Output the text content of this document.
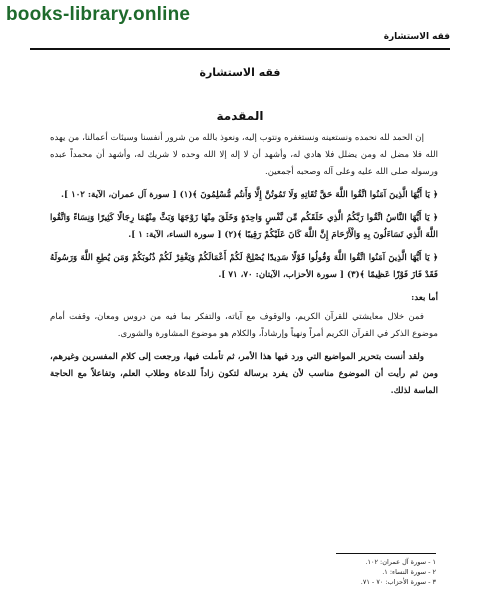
books-library.online
فقه الاستشارة
فقه الاستشارة
المقدمة

إن الحمد لله نحمده ونستعينه ونستغفره ونتوب إليه، ونعوذ بالله من شرور أنفسنا وسيئات أعمالنا، من يهده الله فلا مضل له ومن يضلل فلا هادي له، وأشهد أن لا إله إلا الله وحده لا شريك له، وأشهد أن محمداً عبده ورسوله صلى الله عليه وعلى آله وصحبه أجمعين.

﴿ يَا أَيُّهَا الَّذِينَ آمَنُوا اتَّقُوا اللَّهَ حَقَّ تُقَاتِهِ وَلَا تَمُوتُنَّ إِلَّا وَأَنتُم مُّسْلِمُونَ ﴾(١) [ سورة آل عمران، الآية: ١٠٢ ].

﴿ يَا أَيُّهَا النَّاسُ اتَّقُوا رَبَّكُمُ الَّذِي خَلَقَكُم مِّن نَّفْسٍ وَاحِدَةٍ وَخَلَقَ مِنْهَا زَوْجَهَا وَبَثَّ مِنْهُمَا رِجَالًا كَثِيرًا وَنِسَاءً وَاتَّقُوا اللَّهَ الَّذِي تَسَاءَلُونَ بِهِ وَالْأَرْحَامَ إِنَّ اللَّهَ كَانَ عَلَيْكُمْ رَقِيبًا ﴾(٢) [ سورة النساء، الآية: ١ ].

﴿ يَا أَيُّهَا الَّذِينَ آمَنُوا اتَّقُوا اللَّهَ وَقُولُوا قَوْلًا سَدِيدًا يُصْلِحْ لَكُمْ أَعْمَالَكُمْ وَيَغْفِرْ لَكُمْ ذُنُوبَكُمْ وَمَن يُطِعِ اللَّهَ وَرَسُولَهُ فَقَدْ فَازَ فَوْزًا عَظِيمًا ﴾(٣) [ سورة الأحزاب، الآيتان: ٧٠، ٧١ ].

أما بعد:

فمن خلال معايشتي للقرآن الكريم، والوقوف مع آياته، والتفكر بما فيه من دروس ومعان، وقفت أمام موضوع الذكر في القرآن الكريم أمراً ونهياً وإرشاداً، والكلام هو موضوع المشاورة والشورى.

ولقد أنست بتحرير المواضيع التي ورد فيها هذا الأمر، ثم تأملت فيها، ورجعت إلى كلام المفسرين وغيرهم، ومن ثم رأيت أن الموضوع مناسب لأن يفرد برسالة لتكون زاداً للدعاة وطلاب العلم، وتفاعلاً مع الحاجة الماسة لذلك.

١ - سورة آل عمران: ١٠٢.
٢ - سورة النساء: ١.
٣ - سورة الأحزاب: ٧٠ - ٧١.
